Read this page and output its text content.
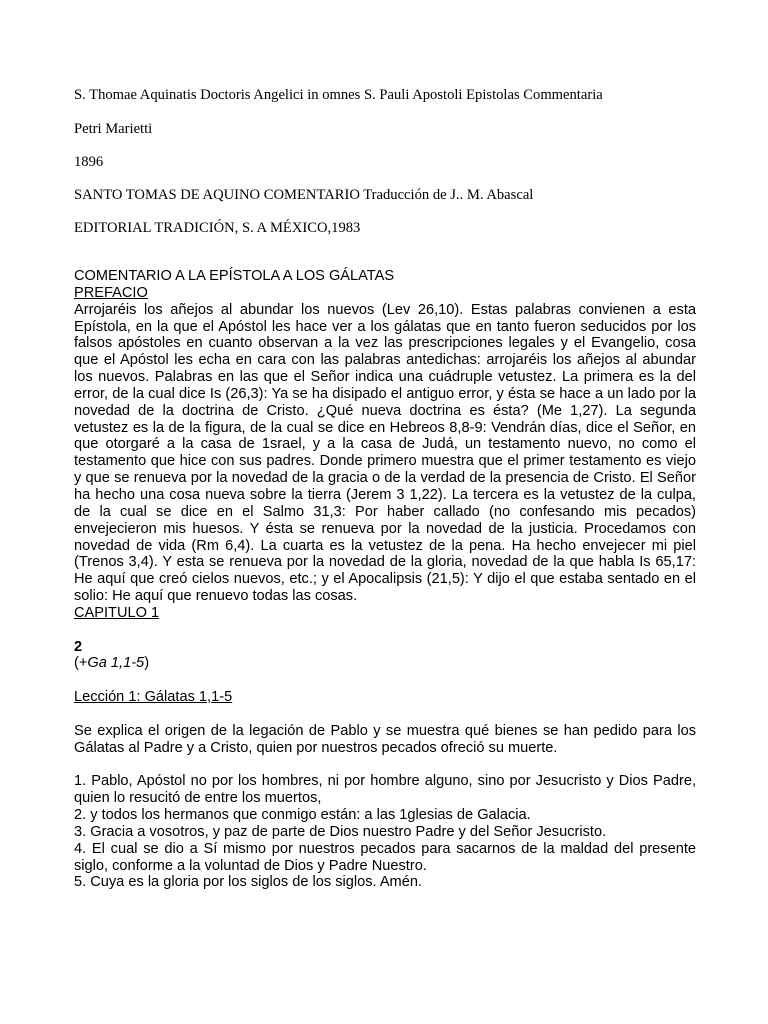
S. Thomae Aquinatis Doctoris Angelici in omnes S. Pauli Apostoli Epistolas Commentaria

Petri Marietti

1896

SANTO TOMAS DE AQUINO COMENTARIO Traducción de J.. M. Abascal

EDITORIAL TRADICIÓN, S. A MÉXICO,1983

COMENTARIO A LA EPÍSTOLA A LOS GÁLATAS

PREFACIO

Arrojaréis los añejos al abundar los nuevos (Lev 26,10). Estas palabras convienen a esta Epístola, en la que el Apóstol les hace ver a los gálatas que en tanto fueron seducidos por los falsos apóstoles en cuanto observan a la vez las prescripciones legales y el Evangelio, cosa que el Apóstol les echa en cara con las palabras antedichas: arrojaréis los añejos al abundar los nuevos. Palabras en las que el Señor indica una cuádruple vetustez. La primera es la del error, de la cual dice Is (26,3): Ya se ha disipado el antiguo error, y ésta se hace a un lado por la novedad de la doctrina de Cristo. ¿Qué nueva doctrina es ésta? (Me 1,27). La segunda vetustez es la de la figura, de la cual se dice en Hebreos 8,8-9: Vendrán días, dice el Señor, en que otorgaré a la casa de 1srael, y a la casa de Judá, un testamento nuevo, no como el testamento que hice con sus padres. Donde primero muestra que el primer testamento es viejo y que se renueva por la novedad de la gracia o de la verdad de la presencia de Cristo. El Señor ha hecho una cosa nueva sobre la tierra (Jerem 3 1,22). La tercera es la vetustez de la culpa, de la cual se dice en el Salmo 31,3: Por haber callado (no confesando mis pecados) envejecieron mis huesos. Y ésta se renueva por la novedad de la justicia. Procedamos con novedad de vida (Rm 6,4). La cuarta es la vetustez de la pena. Ha hecho envejecer mi piel (Trenos 3,4). Y esta se renueva por la novedad de la gloria, novedad de la que habla Is 65,17: He aquí que creó cielos nuevos, etc.; y el Apocalipsis (21,5): Y dijo el que estaba sentado en el solio: He aquí que renuevo todas las cosas.

CAPITULO 1

2

(+Ga 1,1-5)

Lección 1: Gálatas 1,1-5

Se explica el origen de la legación de Pablo y se muestra qué bienes se han pedido para los Gálatas al Padre y a Cristo, quien por nuestros pecados ofreció su muerte.

1. Pablo, Apóstol no por los hombres, ni por hombre alguno, sino por Jesucristo y Dios Padre, quien lo resucitó de entre los muertos,

2. y todos los hermanos que conmigo están: a las 1glesias de Galacia.

3. Gracia a vosotros, y paz de parte de Dios nuestro Padre y del Señor Jesucristo.

4. El cual se dio a Sí mismo por nuestros pecados para sacarnos de la maldad del presente siglo, conforme a la voluntad de Dios y Padre Nuestro.

5. Cuya es la gloria por los siglos de los siglos. Amén.
